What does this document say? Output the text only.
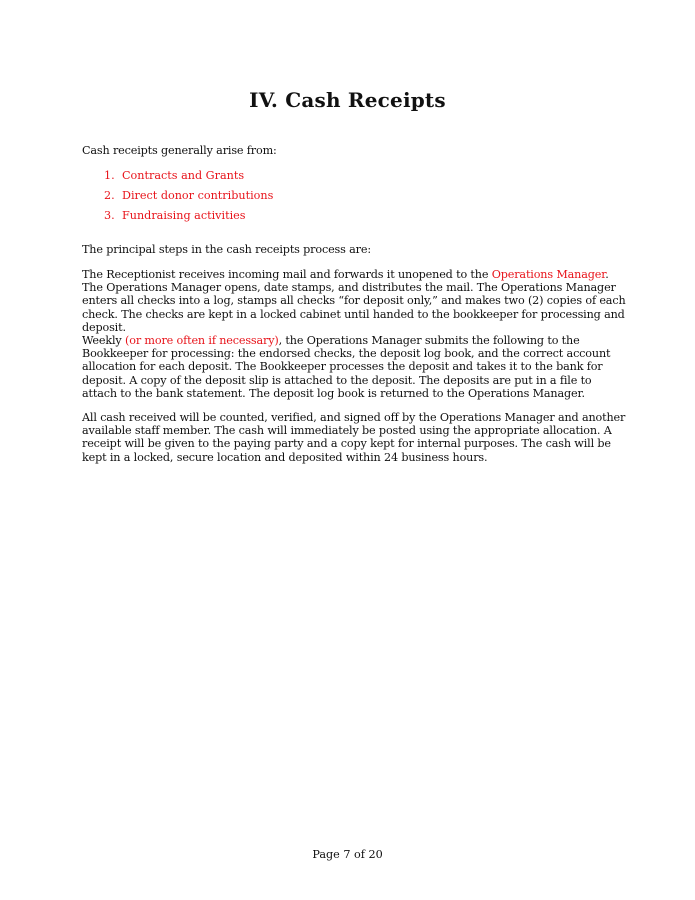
IV. Cash Receipts
Cash receipts generally arise from:
1. Contracts and Grants
2. Direct donor contributions
3. Fundraising activities
The principal steps in the cash receipts process are:
The Receptionist receives incoming mail and forwards it unopened to the Operations Manager. The Operations Manager opens, date stamps, and distributes the mail. The Operations Manager enters all checks into a log, stamps all checks “for deposit only,” and makes two (2) copies of each check. The checks are kept in a locked cabinet until handed to the bookkeeper for processing and deposit.
Weekly (or more often if necessary), the Operations Manager submits the following to the Bookkeeper for processing: the endorsed checks, the deposit log book, and the correct account allocation for each deposit. The Bookkeeper processes the deposit and takes it to the bank for deposit. A copy of the deposit slip is attached to the deposit. The deposits are put in a file to attach to the bank statement. The deposit log book is returned to the Operations Manager.
All cash received will be counted, verified, and signed off by the Operations Manager and another available staff member. The cash will immediately be posted using the appropriate allocation. A receipt will be given to the paying party and a copy kept for internal purposes. The cash will be kept in a locked, secure location and deposited within 24 business hours.
Page 7 of 20
